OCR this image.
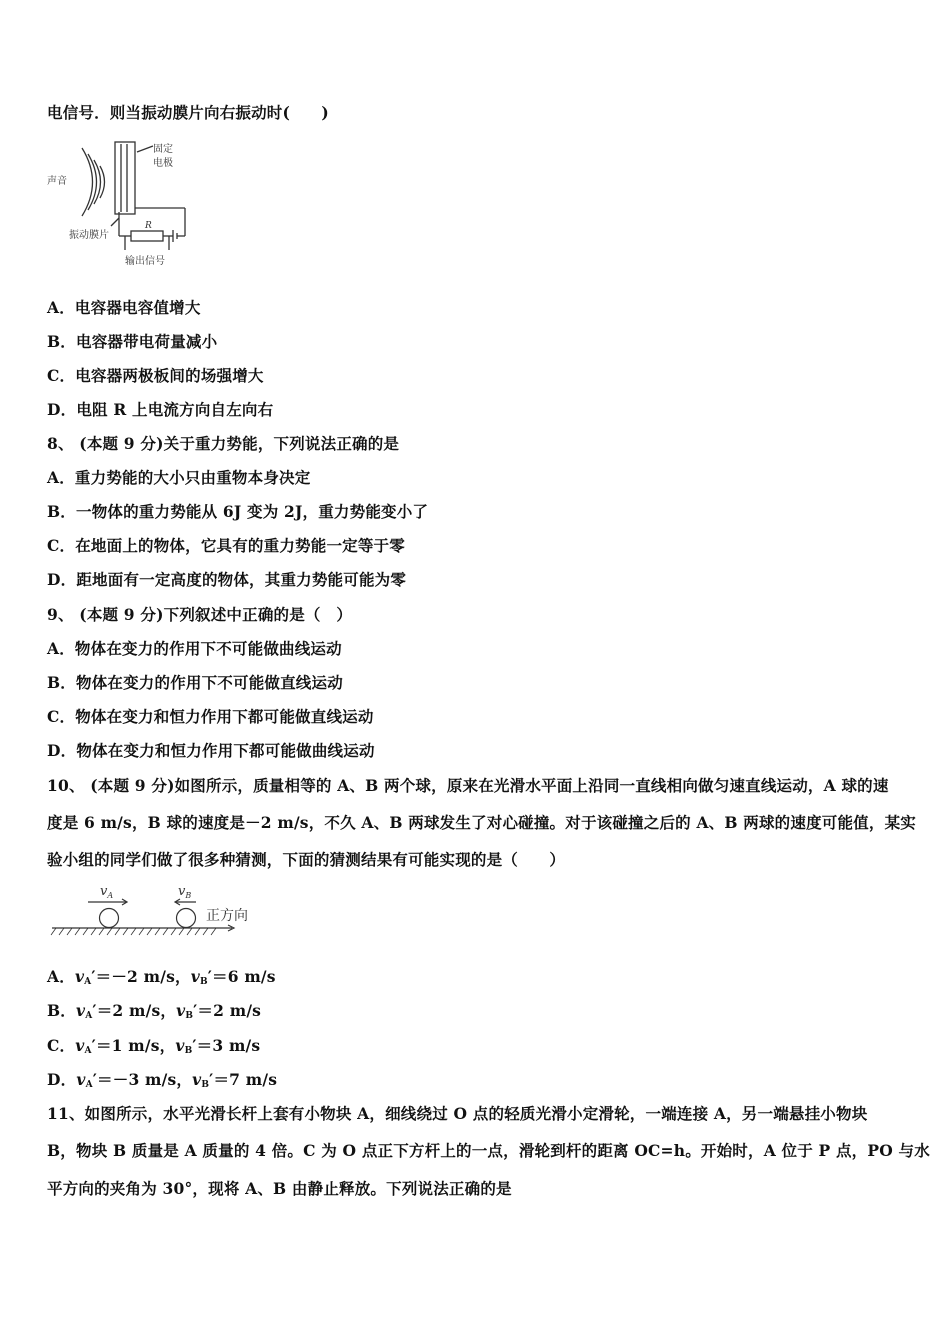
电信号．则当振动膜片向右振动时(　　)
声音
固定
电极
R
振动膜片
输出信号
A．电容器电容值增大
B．电容器带电荷量减小
C．电容器两极板间的场强增大
D．电阻 R 上电流方向自左向右
8、 (本题 9 分)关于重力势能，下列说法正确的是
A．重力势能的大小只由重物本身决定
B．一物体的重力势能从 6J 变为 2J，重力势能变小了
C．在地面上的物体，它具有的重力势能一定等于零
D．距地面有一定高度的物体，其重力势能可能为零
9、 (本题 9 分)下列叙述中正确的是（　）
A．物体在变力的作用下不可能做曲线运动
B．物体在变力的作用下不可能做直线运动
C．物体在变力和恒力作用下都可能做直线运动
D．物体在变力和恒力作用下都可能做曲线运动
10、 (本题 9 分)如图所示，质量相等的 A、B 两个球，原来在光滑水平面上沿同一直线相向做匀速直线运动，A 球的速
度是 6 m/s，B 球的速度是－2 m/s，不久 A、B 两球发生了对心碰撞。对于该碰撞之后的 A、B 两球的速度可能值，某实
验小组的同学们做了很多种猜测，下面的猜测结果有可能实现的是（　　）
$v_A$	$v_B$
正方向
A．$v_A'=-2$ m/s，$v_B'=6$ m/s
B．$v_A'=2$ m/s，$v_B'=2$ m/s
C．$v_A'=1$ m/s，$v_B'=3$ m/s
D．$v_A'=-3$ m/s，$v_B'=7$ m/s
11、如图所示，水平光滑长杆上套有小物块 A，细线绕过 O 点的轻质光滑小定滑轮，一端连接 A，另一端悬挂小物块
B，物块 B 质量是 A 质量的 4 倍。C 为 O 点正下方杆上的一点，滑轮到杆的距离 OC=h。开始时，A 位于 P 点，PO 与水
平方向的夹角为 30°，现将 A、B 由静止释放。下列说法正确的是
